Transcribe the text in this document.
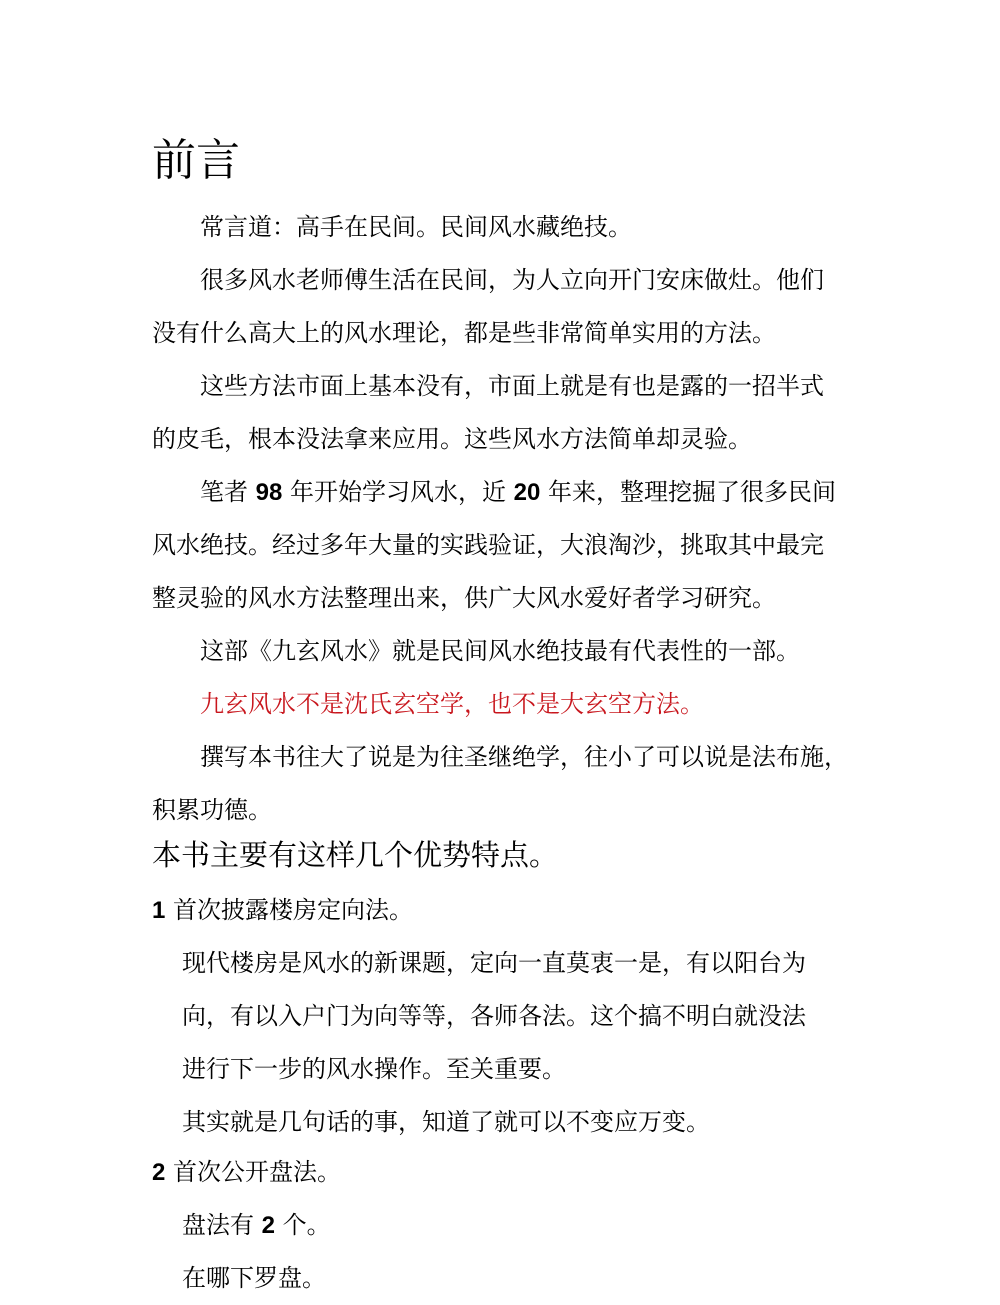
前言

常言道：高手在民间。民间风水藏绝技。

很多风水老师傅生活在民间，为人立向开门安床做灶。他们
没有什么高大上的风水理论，都是些非常简单实用的方法。

这些方法市面上基本没有，市面上就是有也是露的一招半式
的皮毛，根本没法拿来应用。这些风水方法简单却灵验。

笔者 98 年开始学习风水，近 20 年来，整理挖掘了很多民间
风水绝技。经过多年大量的实践验证，大浪淘沙，挑取其中最完
整灵验的风水方法整理出来，供广大风水爱好者学习研究。

这部《九玄风水》就是民间风水绝技最有代表性的一部。

九玄风水不是沈氏玄空学，也不是大玄空方法。

撰写本书往大了说是为往圣继绝学，往小了可以说是法布施，
积累功德。

本书主要有这样几个优势特点。

1 首次披露楼房定向法。

现代楼房是风水的新课题，定向一直莫衷一是，有以阳台为
向，有以入户门为向等等，各师各法。这个搞不明白就没法
进行下一步的风水操作。至关重要。
其实就是几句话的事，知道了就可以不变应万变。

2 首次公开盘法。

盘法有 2 个。
在哪下罗盘。
